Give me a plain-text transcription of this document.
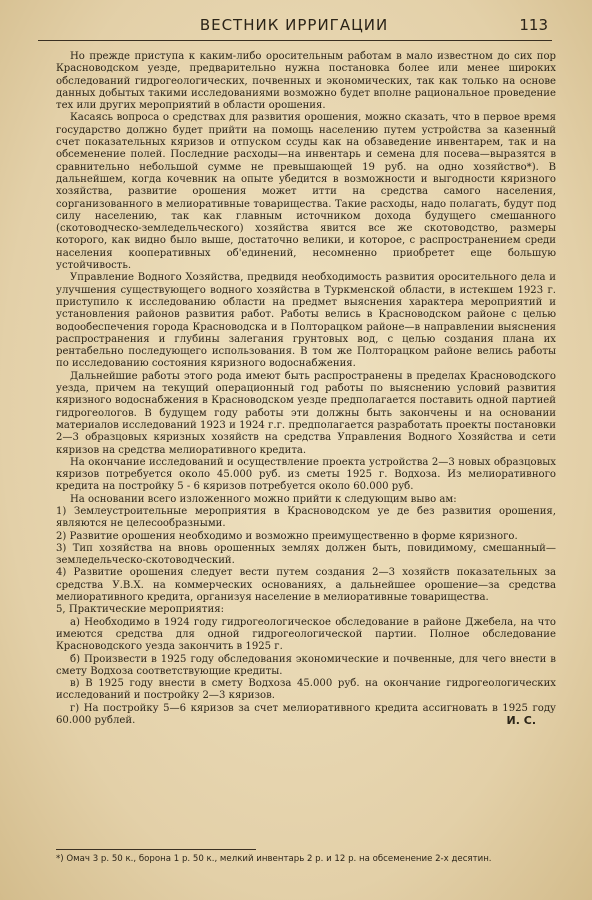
ВЕСТНИК ИРРИГАЦИИ	113

Но прежде приступа к каким-либо оросительным работам в мало известном до сих пор Красноводском уезде, предварительно нужна постановка более или менее широких обследований гидрогеологических, почвенных и экономических, так как только на основе данных добытых такими исследованиями возможно будет вполне рациональное проведение тех или других мероприятий в области орошения.

Касаясь вопроса о средствах для развития орошения, можно сказать, что в первое время государство должно будет прийти на помощь населению путем устройства за казенный счет показательных кяризов и отпуском ссуды как на обзаведение инвентарем, так и на обсеменение полей. Последние расходы—на инвентарь и семена для посева—выразятся в сравнительно небольшой сумме не превышающей 19 руб. на одно хозяйство*). В дальнейшем, когда кочевник на опыте убедится в возможности и выгодности кяризного хозяйства, развитие орошения может итти на средства самого населения, сорганизованного в мелиоративные товарищества. Такие расходы, надо полагать, будут под силу населению, так как главным источником дохода будущего смешанного (скотоводческо-земледельческого) хозяйства явится все же скотоводство, размеры которого, как видно было выше, достаточно велики, и которое, с распространением среди населения кооперативных об'единений, несомненно приобретет еще большую устойчивость.

Управление Водного Хозяйства, предвидя необходимость развития оросительного дела и улучшения существующего водного хозяйства в Туркменской области, в истекшем 1923 г. приступило к исследованию области на предмет выяснения характера мероприятий и установления районов развития работ. Работы велись в Красноводском районе с целью водообеспечения города Красноводска и в Полторацком районе—в направлении выяснения распространения и глубины залегания грунтовых вод, с целью создания плана их рентабельно последующего использования. В том же Полторацком районе велись работы по исследованию состояния кяризного водоснабжения.

Дальнейшие работы этого рода имеют быть распространены в пределах Красноводского уезда, причем на текущий операционный год работы по выяснению условий развития кяризного водоснабжения в Красноводском уезде предполагается поставить одной партией гидрогеологов. В будущем году работы эти должны быть закончены и на основании материалов исследований 1923 и 1924 г.г. предполагается разработать проекты постановки 2—3 образцовых кяризных хозяйств на средства Управления Водного Хозяйства и сети кяризов на средства мелиоративного кредита.

На окончание исследований и осуществление проекта устройства 2—3 новых образцовых кяризов потребуется около 45.000 руб. из сметы 1925 г. Водхоза. Из мелиоративного кредита на постройку 5 - 6 кяризов потребуется около 60.000 руб.

На основании всего изложенного можно прийти к следующим выво ам:

1) Землеустроительные мероприятия в Красноводском уе де без развития орошения, являются не целесообразными.

2) Развитие орошения необходимо и возможно преимущественно в форме кяризного.

3) Тип хозяйства на вновь орошенных землях должен быть, повидимому, смешанный—земледельческо-скотоводческий.

4) Развитие орошения следует вести путем создания 2—3 хозяйств показательных за средства У.В.Х. на коммерческих основаниях, а дальнейшее орошение—за средства мелиоративного кредита, организуя население в мелиоративные товарищества.

5, Практические мероприятия:

а) Необходимо в 1924 году гидрогеологическое обследование в районе Джебела, на что имеются средства для одной гидрогеологической партии. Полное обследование Красноводского уезда закончить в 1925 г.

б) Произвести в 1925 году обследования экономические и почвенные, для чего внести в смету Водхоза соответствующие кредиты.

в) В 1925 году внести в смету Водхоза 45.000 руб. на окончание гидрогеологических исследований и постройку 2—3 кяризов.

г) На постройку 5—6 кяризов за счет мелиоративного кредита ассигновать в 1925 году 60.000 рублей.	И. С.

*) Омач 3 р. 50 к., борона 1 р. 50 к., мелкий инвентарь 2 р. и 12 р. на обсеменение 2-х десятин.
